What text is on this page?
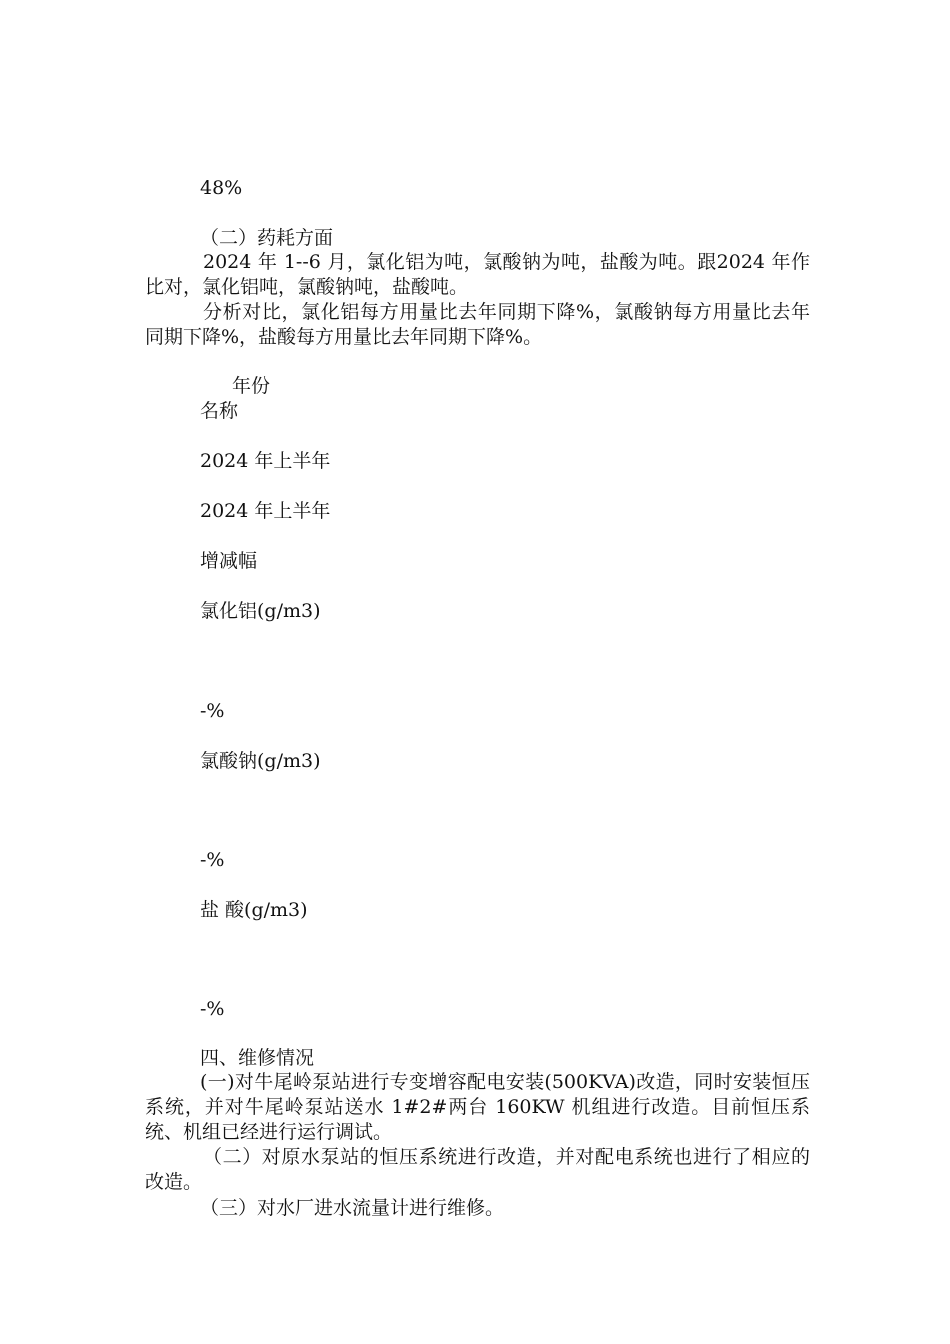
48%
（二）药耗方面
2024 年 1--6 月，氯化铝为吨，氯酸钠为吨，盐酸为吨。跟2024 年作比对，氯化铝吨，氯酸钠吨，盐酸吨。
分析对比，氯化铝每方用量比去年同期下降%，氯酸钠每方用量比去年同期下降%，盐酸每方用量比去年同期下降%。
年份
名称
2024 年上半年
2024 年上半年
增减幅
氯化铝(g/m3)
-%
氯酸钠(g/m3)
-%
盐 酸(g/m3)
-%
四、维修情况
(一)对牛尾岭泵站进行专变增容配电安装(500KVA)改造，同时安装恒压系统，并对牛尾岭泵站送水 1#2#两台 160KW 机组进行改造。目前恒压系统、机组已经进行运行调试。
（二）对原水泵站的恒压系统进行改造，并对配电系统也进行了相应的改造。
（三）对水厂进水流量计进行维修。
